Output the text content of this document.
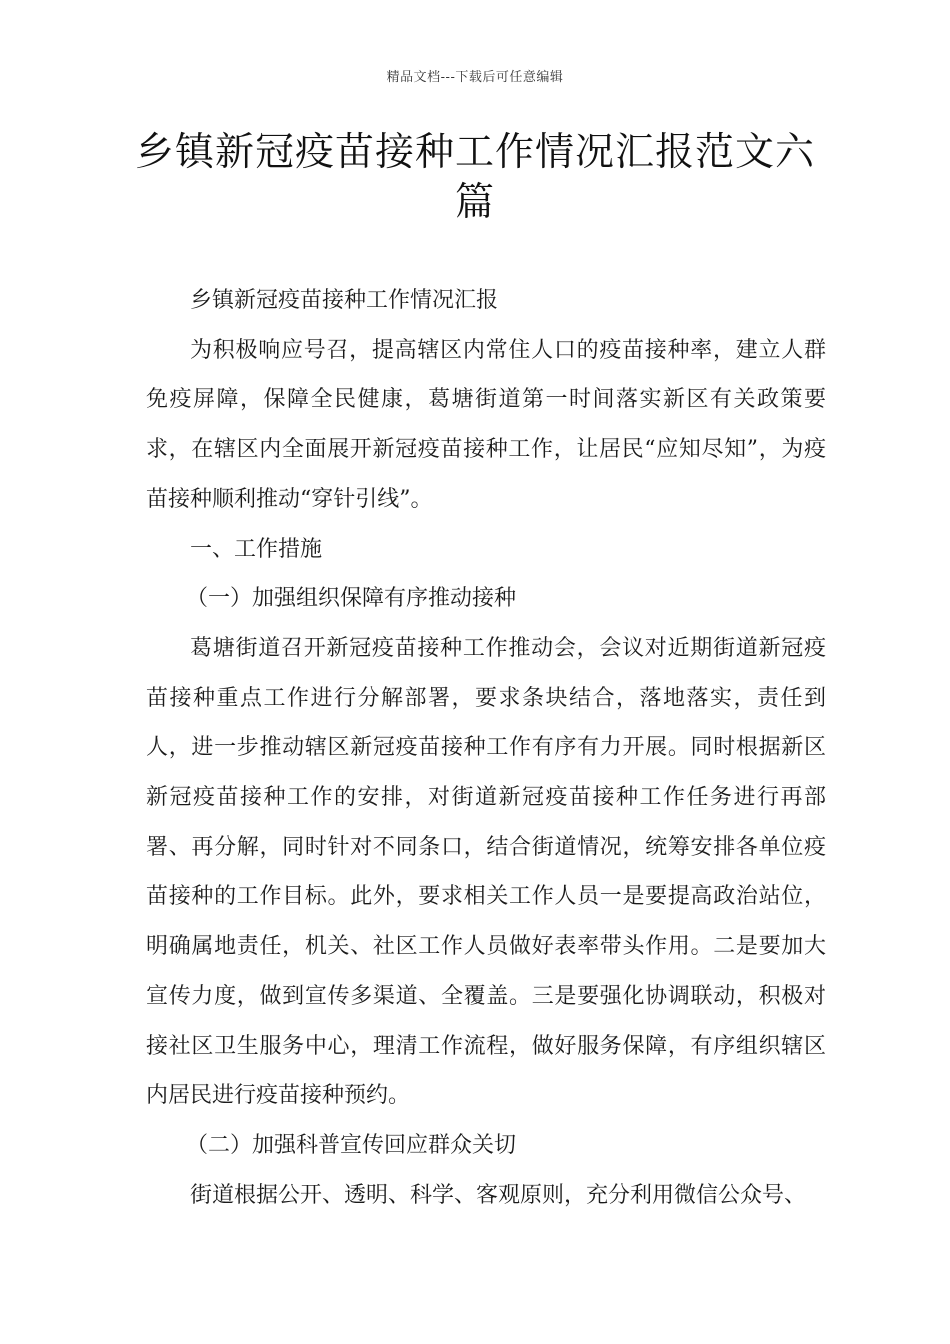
精品文档---下载后可任意编辑
乡镇新冠疫苗接种工作情况汇报范文六篇

乡镇新冠疫苗接种工作情况汇报

为积极响应号召，提高辖区内常住人口的疫苗接种率，建立人群免疫屏障，保障全民健康，葛塘街道第一时间落实新区有关政策要求，在辖区内全面展开新冠疫苗接种工作，让居民“应知尽知”，为疫苗接种顺利推动“穿针引线”。

一、工作措施

（一）加强组织保障有序推动接种

葛塘街道召开新冠疫苗接种工作推动会，会议对近期街道新冠疫苗接种重点工作进行分解部署，要求条块结合，落地落实，责任到人，进一步推动辖区新冠疫苗接种工作有序有力开展。同时根据新区新冠疫苗接种工作的安排，对街道新冠疫苗接种工作任务进行再部署、再分解，同时针对不同条口，结合街道情况，统筹安排各单位疫苗接种的工作目标。此外，要求相关工作人员一是要提高政治站位，明确属地责任，机关、社区工作人员做好表率带头作用。二是要加大宣传力度，做到宣传多渠道、全覆盖。三是要强化协调联动，积极对接社区卫生服务中心，理清工作流程，做好服务保障，有序组织辖区内居民进行疫苗接种预约。

（二）加强科普宣传回应群众关切

街道根据公开、透明、科学、客观原则，充分利用微信公众号、
